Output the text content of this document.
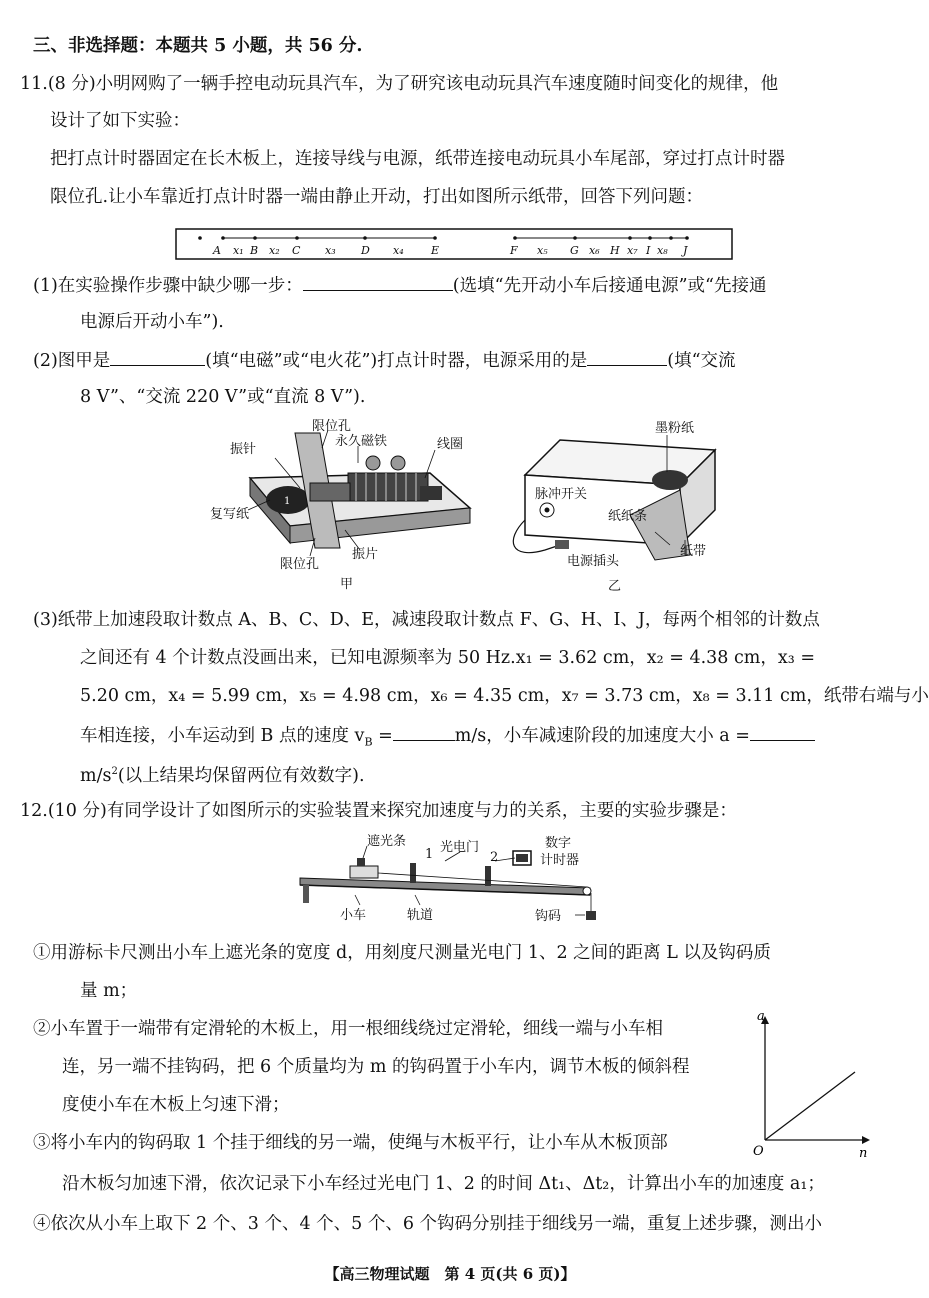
三、非选择题：本题共 5 小题，共 56 分.
11.(8 分)小明网购了一辆手控电动玩具汽车，为了研究该电动玩具汽车速度随时间变化的规律，他
设计了如下实验：
把打点计时器固定在长木板上，连接导线与电源，纸带连接电动玩具小车尾部，穿过打点计时器
限位孔.让小车靠近打点计时器一端由静止开动，打出如图所示纸带，回答下列问题：
A x₁ B x₂ C x₃ D x₄ E	F x₅ G x₆ H x₇ I x₈ J
(1)在实验操作步骤中缺少哪一步：	(选填“先开动小车后接通电源”或“先接通
电源后开动小车”).
(2)图甲是	(填“电磁”或“电火花”)打点计时器，电源采用的是	(填“交流
8 V”、“交流 220 V”或“直流 8 V”).
1
限位孔
永久磁铁
振针	线圈
复写纸
限位孔
振片
甲
墨粉纸
脉冲开关
纸纸条
纸带
电源插头
乙
(3)纸带上加速段取计数点 A、B、C、D、E，减速段取计数点 F、G、H、I、J，每两个相邻的计数点
之间还有 4 个计数点没画出来，已知电源频率为 50 Hz.x₁ = 3.62 cm，x₂ = 4.38 cm，x₃ =
5.20 cm，x₄ = 5.99 cm，x₅ = 4.98 cm，x₆ = 4.35 cm，x₇ = 3.73 cm，x₈ = 3.11 cm，纸带右端与小
车相连接，小车运动到 B 点的速度 $v_B$ =	m/s，小车减速阶段的加速度大小 a =
$m/s^2$(以上结果均保留两位有效数字).
12.(10 分)有同学设计了如图所示的实验装置来探究加速度与力的关系，主要的实验步骤是：
遮光条
1 光电门
2
数字
计时器
小车	轨道	钩码
①用游标卡尺测出小车上遮光条的宽度 d，用刻度尺测量光电门 1、2 之间的距离 L 以及钩码质
量 m；
②小车置于一端带有定滑轮的木板上，用一根细线绕过定滑轮，细线一端与小车相
连，另一端不挂钩码，把 6 个质量均为 m 的钩码置于小车内，调节木板的倾斜程
度使小车在木板上匀速下滑；
③将小车内的钩码取 1 个挂于细线的另一端，使绳与木板平行，让小车从木板顶部
沿木板匀加速下滑，依次记录下小车经过光电门 1、2 的时间 Δt₁、Δt₂，计算出小车的加速度 a₁；
④依次从小车上取下 2 个、3 个、4 个、5 个、6 个钩码分别挂于细线另一端，重复上述步骤，测出小
a
n
O
【高三物理试题　第 4 页(共 6 页)】
